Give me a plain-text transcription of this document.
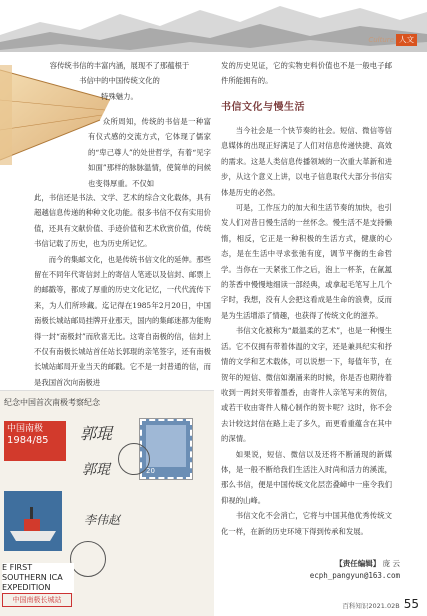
Culture 人文

容传统书信的丰富内涵，展现不了那蕴根于

书信中的中国传统文化的

特殊魅力。

众所周知，传统的书信是一种富有仪式感的交流方式，它体现了儒家的“卑己尊人”的处世哲学，有着“见字如面”那样的脉脉温情，使简单的问候也变得厚重。不仅如

此，书信还是书法、文学、艺术的综合文化载体，具有超越信息传递的种种文化功能。很多书信不仅有实用价值，还具有文献价值、手迹价值和艺术欣赏价值，传统书信记载了历史，也为历史所记忆。

而今的集邮文化，也是传统书信文化的延伸。那些留在不同年代寄信封上的寄信人笔迹以及信封、邮票上的邮戳等，都成了厚重的历史文化记忆，一代代流传下来，为人们所珍藏。迄记得在1985年2月20日，中国南极长城站邮局挂牌开业那天，国内的集邮迷都为能购得一封“南极封”而欣喜无比。这寄自南极的信，信封上不仅有南极长城站首任站长郭琨的亲笔签字，还有南极长城站邮局开业当天的邮戳。它不是一封普通的信，而是我国首次向南极进

发的历史见证，它的实物史料价值也不是一般电子邮件所能拥有的。

书信文化与慢生活

当今社会是一个快节奏的社会。短信、微信等信息媒体的出现正好满足了人们对信息传递快捷、高效的需求。这是人类信息传播领域的一次重大革新和进步，从这个意义上讲，以电子信息取代大部分书信实体是历史的必然。

可是，工作压力的加大和生活节奏的加快，也引发人们对昔日慢生活的一丝怀念。慢生活不是支持懒惰，相反，它正是一种积极的生活方式，健康的心态，是在生活中寻求张弛有度，调节平衡的生命哲学。当你在一天紧张工作之后，泡上一杯茶，在氤氲的茶香中慢慢地细读一部经典，或拿起毛笔写上几个字时，我想，没有人会把这看成是生命的浪费，反而是为生活增添了情趣，也获得了传统文化的滋养。

书信文化被称为“最温柔的艺术”，也是一种慢生活。它不仅拥有带着体温的文字，还是兼具纪实和抒情的文学和艺术载体，可以说想一下，每值年节，在贺年的短信、微信如潮涌来的时候，你是否也期待着收到一两封夹带着墨香，由寄件人亲笔写来的贺信，或若干收由寄件人精心制作的贺卡呢？这时，你不会去计较这封信在路上走了多久，而更看重蕴含在其中的深情。

如果说，短信、微信以及还将不断涌现的新媒体，是一般不断给我们生活注入时尚和活力的溪流，那么书信，便是中国传统文化层峦叠嶂中一座令我们仰视的山峰。

书信文化不会消亡，它将与中国其他优秀传统文化一样，在新的历史环境下得到传承和发展。

纪念中国首次南极考察纪念
中国南极
1984/85	郭琨
郭琨
李伟赵
20
E FIRST SOUTHERN ICA EXPEDITION
中国南极长城站
【责任编辑】 庞 云
ecph_pangyun@163.com
百科知识2021.02B 55
